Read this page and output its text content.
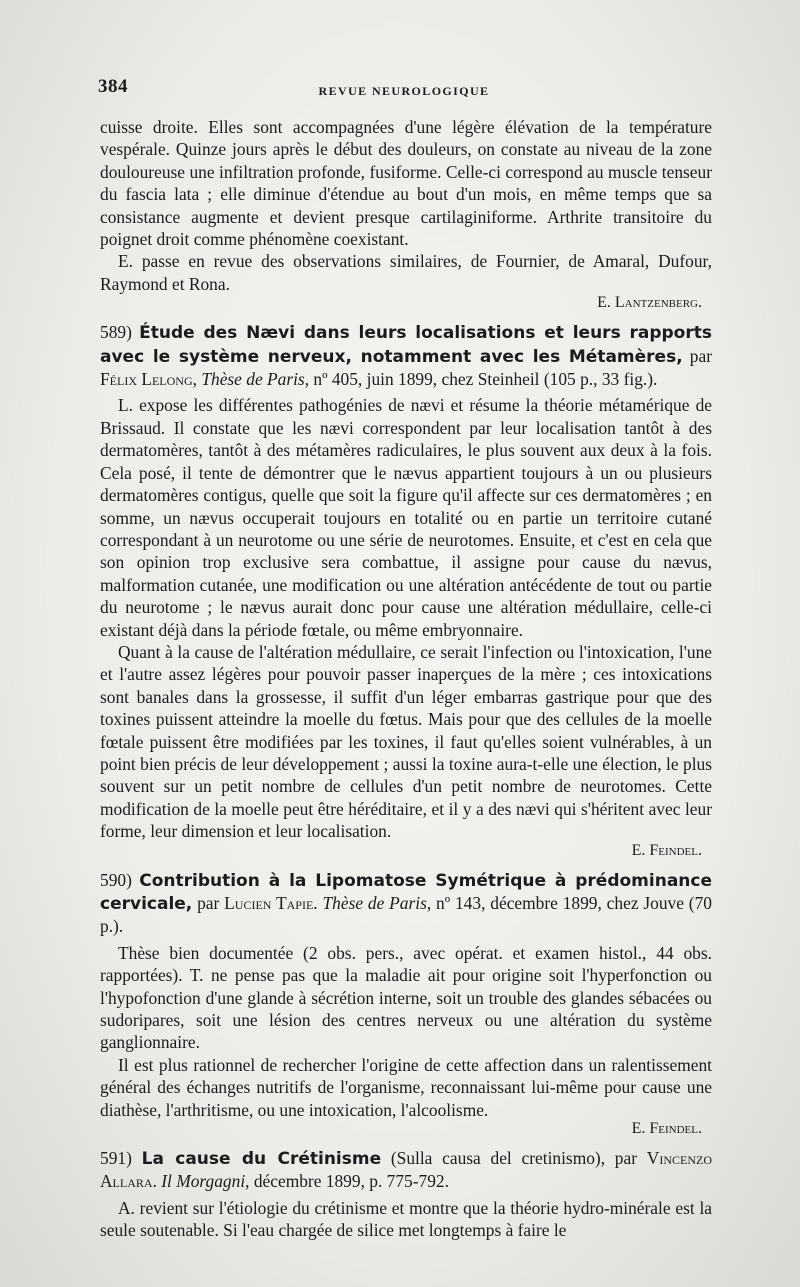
384	REVUE NEUROLOGIQUE

cuisse droite. Elles sont accompagnées d'une légère élévation de la température vespérale. Quinze jours après le début des douleurs, on constate au niveau de la zone douloureuse une infiltration profonde, fusiforme. Celle-ci correspond au muscle tenseur du fascia lata ; elle diminue d'étendue au bout d'un mois, en même temps que sa consistance augmente et devient presque cartilaginiforme. Arthrite transitoire du poignet droit comme phénomène coexistant.

E. passe en revue des observations similaires, de Fournier, de Amaral, Dufour, Raymond et Rona.

E. Lantzenberg.

589) Étude des Nævi dans leurs localisations et leurs rapports avec le système nerveux, notamment avec les Métamères, par Félix Lelong, Thèse de Paris, nº 405, juin 1899, chez Steinheil (105 p., 33 fig.).

L. expose les différentes pathogénies de nævi et résume la théorie métamérique de Brissaud. Il constate que les nævi correspondent par leur localisation tantôt à des dermatomères, tantôt à des métamères radiculaires, le plus souvent aux deux à la fois. Cela posé, il tente de démontrer que le nævus appartient toujours à un ou plusieurs dermatomères contigus, quelle que soit la figure qu'il affecte sur ces dermatomères ; en somme, un nævus occuperait toujours en totalité ou en partie un territoire cutané correspondant à un neurotome ou une série de neurotomes. Ensuite, et c'est en cela que son opinion trop exclusive sera combattue, il assigne pour cause du nævus, malformation cutanée, une modification ou une altération antécédente de tout ou partie du neurotome ; le nævus aurait donc pour cause une altération médullaire, celle-ci existant déjà dans la période fœtale, ou même embryonnaire.

Quant à la cause de l'altération médullaire, ce serait l'infection ou l'intoxication, l'une et l'autre assez légères pour pouvoir passer inaperçues de la mère ; ces intoxications sont banales dans la grossesse, il suffit d'un léger embarras gastrique pour que des toxines puissent atteindre la moelle du fœtus. Mais pour que des cellules de la moelle fœtale puissent être modifiées par les toxines, il faut qu'elles soient vulnérables, à un point bien précis de leur développement ; aussi la toxine aura-t-elle une élection, le plus souvent sur un petit nombre de cellules d'un petit nombre de neurotomes. Cette modification de la moelle peut être héréditaire, et il y a des nævi qui s'héritent avec leur forme, leur dimension et leur localisation.

E. Feindel.

590) Contribution à la Lipomatose Symétrique à prédominance cervicale, par Lucien Tapie. Thèse de Paris, nº 143, décembre 1899, chez Jouve (70 p.).

Thèse bien documentée (2 obs. pers., avec opérat. et examen histol., 44 obs. rapportées). T. ne pense pas que la maladie ait pour origine soit l'hyperfonction ou l'hypofonction d'une glande à sécrétion interne, soit un trouble des glandes sébacées ou sudoripares, soit une lésion des centres nerveux ou une altération du système ganglionnaire.

Il est plus rationnel de rechercher l'origine de cette affection dans un ralentissement général des échanges nutritifs de l'organisme, reconnaissant lui-même pour cause une diathèse, l'arthritisme, ou une intoxication, l'alcoolisme.

E. Feindel.

591) La cause du Crétinisme (Sulla causa del cretinismo), par Vincenzo Allara. Il Morgagni, décembre 1899, p. 775-792.

A. revient sur l'étiologie du crétinisme et montre que la théorie hydro-minérale est la seule soutenable. Si l'eau chargée de silice met longtemps à faire le
